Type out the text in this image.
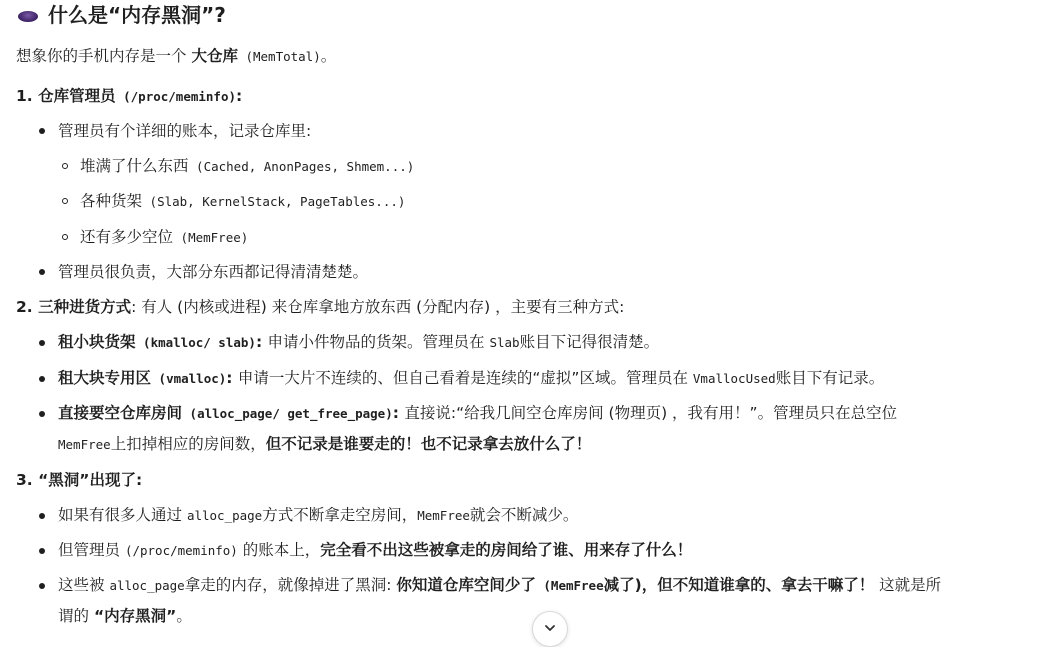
什么是“内存黑洞”?
想象你的手机内存是一个 大仓库 (MemTotal)。
1. 仓库管理员 (/proc/meminfo):
管理员有个详细的账本，记录仓库里:
堆满了什么东西 (Cached, AnonPages, Shmem...)
各种货架 (Slab, KernelStack, PageTables...)
还有多少空位 (MemFree)
管理员很负责，大部分东西都记得清清楚楚。
2. 三种进货方式: 有人 (内核或进程) 来仓库拿地方放东西 (分配内存) ，主要有三种方式:
租小块货架 (kmalloc/ slab): 申请小件物品的货架。管理员在 Slab账目下记得很清楚。
租大块专用区 (vmalloc): 申请一大片不连续的、但自己看着是连续的“虚拟”区域。管理员在 VmallocUsed账目下有记录。
直接要空仓库房间 (alloc_page/ get_free_page): 直接说:“给我几间空仓库房间 (物理页) ，我有用！”。管理员只在总空位
MemFree上扣掉相应的房间数，但不记录是谁要走的！也不记录拿去放什么了！
3. “黑洞”出现了:
如果有很多人通过 alloc_page方式不断拿走空房间，MemFree就会不断减少。
但管理员 (/proc/meminfo) 的账本上，完全看不出这些被拿走的房间给了谁、用来存了什么！
这些被 alloc_page拿走的内存，就像掉进了黑洞: 你知道仓库空间少了 (MemFree减了)，但不知道谁拿的、拿去干嘛了！ 这就是所
谓的 “内存黑洞”。
